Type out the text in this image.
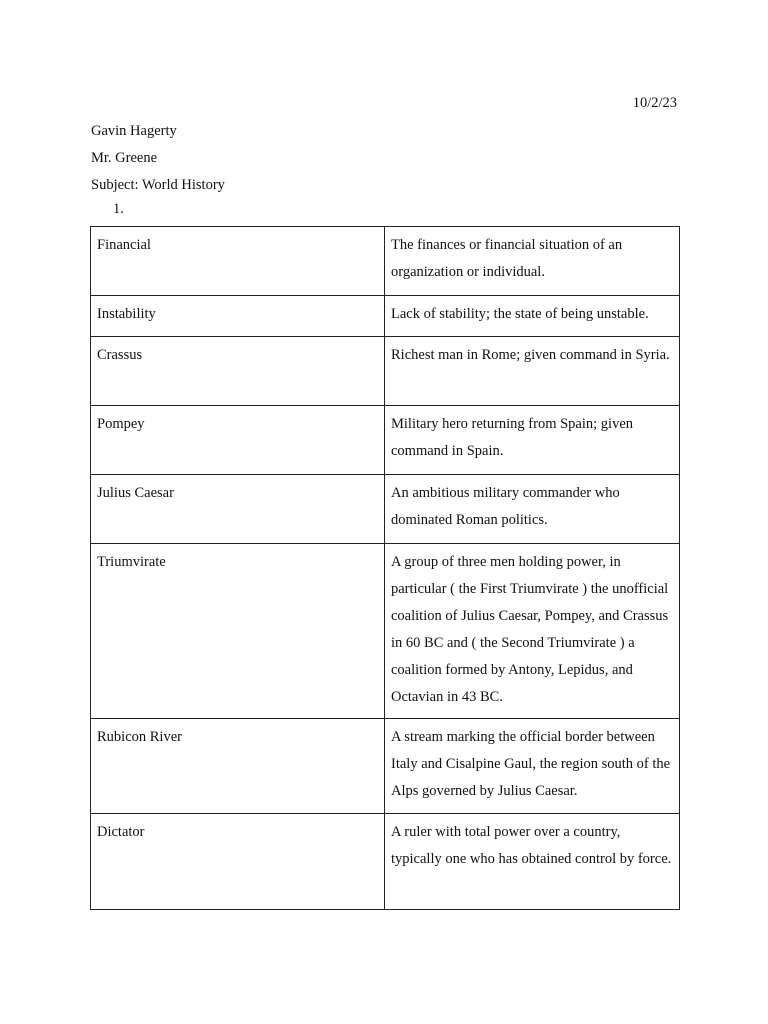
10/2/23
Gavin Hagerty
Mr. Greene
Subject: World History
1.
Financial	The finances or financial situation of an organization or individual.
Instability	Lack of stability; the state of being unstable.
Crassus	Richest man in Rome; given command in Syria.
Pompey	Military hero returning from Spain; given command in Spain.
Julius Caesar	An ambitious military commander who dominated Roman politics.
Triumvirate	A group of three men holding power, in particular ( the First Triumvirate ) the unofficial coalition of Julius Caesar, Pompey, and Crassus in 60 BC and ( the Second Triumvirate ) a coalition formed by Antony, Lepidus, and Octavian in 43 BC.
Rubicon River	A stream marking the official border between Italy and Cisalpine Gaul, the region south of the Alps governed by Julius Caesar.
Dictator	A ruler with total power over a country, typically one who has obtained control by force.
